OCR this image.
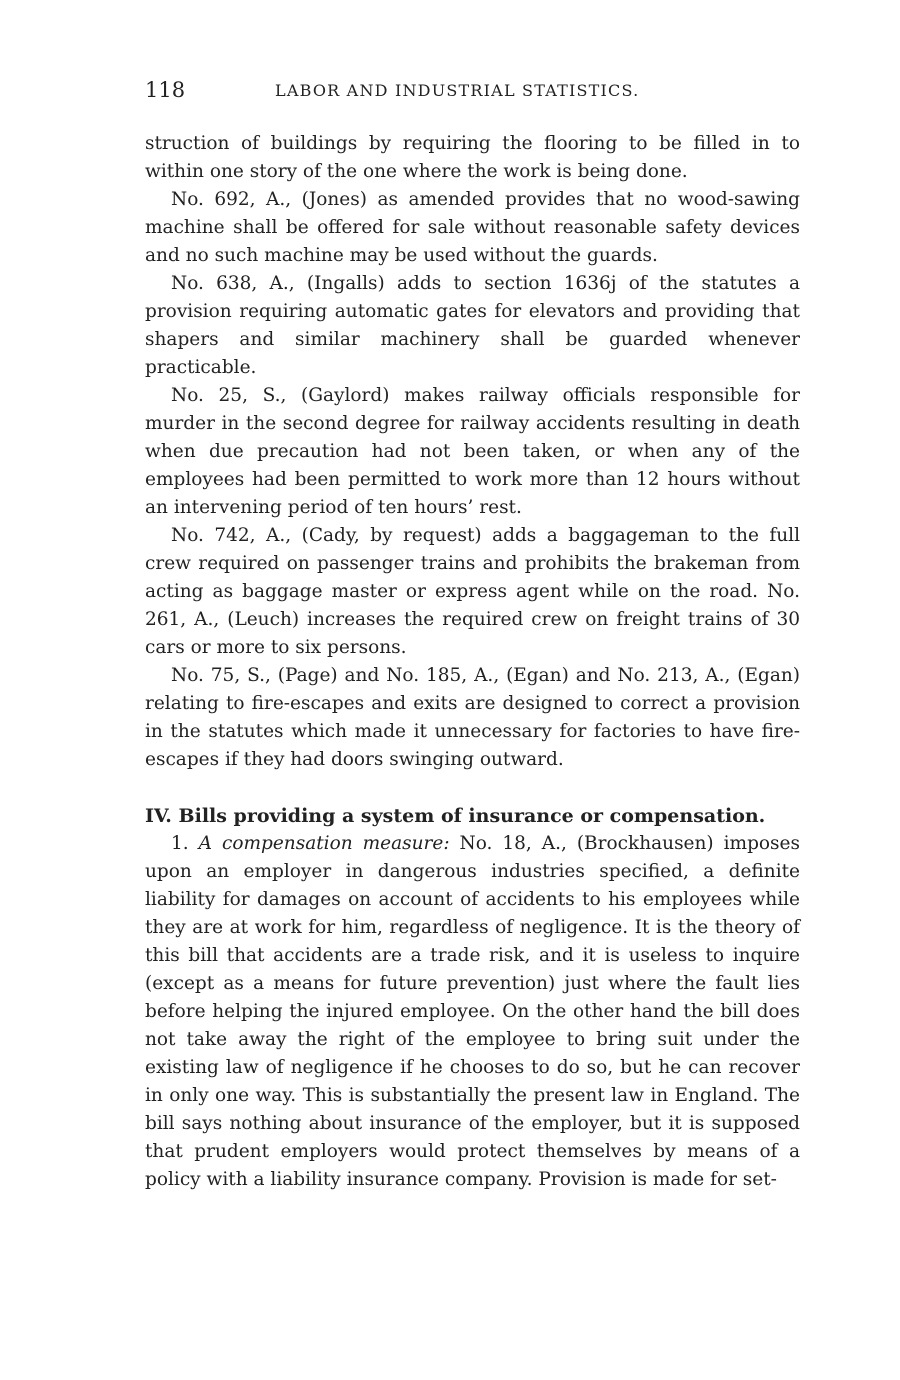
118	LABOR AND INDUSTRIAL STATISTICS.

struction of buildings by requiring the flooring to be filled in to within one story of the one where the work is being done.

No. 692, A., (Jones) as amended provides that no wood-sawing machine shall be offered for sale without reasonable safety devices and no such machine may be used without the guards.

No. 638, A., (Ingalls) adds to section 1636j of the statutes a provision requiring automatic gates for elevators and providing that shapers and similar machinery shall be guarded whenever practicable.

No. 25, S., (Gaylord) makes railway officials responsible for murder in the second degree for railway accidents resulting in death when due precaution had not been taken, or when any of the employees had been permitted to work more than 12 hours without an intervening period of ten hours’ rest.

No. 742, A., (Cady, by request) adds a baggageman to the full crew required on passenger trains and prohibits the brakeman from acting as baggage master or express agent while on the road. No. 261, A., (Leuch) increases the required crew on freight trains of 30 cars or more to six persons.

No. 75, S., (Page) and No. 185, A., (Egan) and No. 213, A., (Egan) relating to fire-escapes and exits are designed to correct a provision in the statutes which made it unnecessary for factories to have fire-escapes if they had doors swinging outward.

IV. Bills providing a system of insurance or compensation.

1. A compensation measure: No. 18, A., (Brockhausen) imposes upon an employer in dangerous industries specified, a definite liability for damages on account of accidents to his employees while they are at work for him, regardless of negligence. It is the theory of this bill that accidents are a trade risk, and it is useless to inquire (except as a means for future prevention) just where the fault lies before helping the injured employee. On the other hand the bill does not take away the right of the employee to bring suit under the existing law of negligence if he chooses to do so, but he can recover in only one way. This is substantially the present law in England. The bill says nothing about insurance of the employer, but it is supposed that prudent employers would protect themselves by means of a policy with a liability insurance company. Provision is made for set-
